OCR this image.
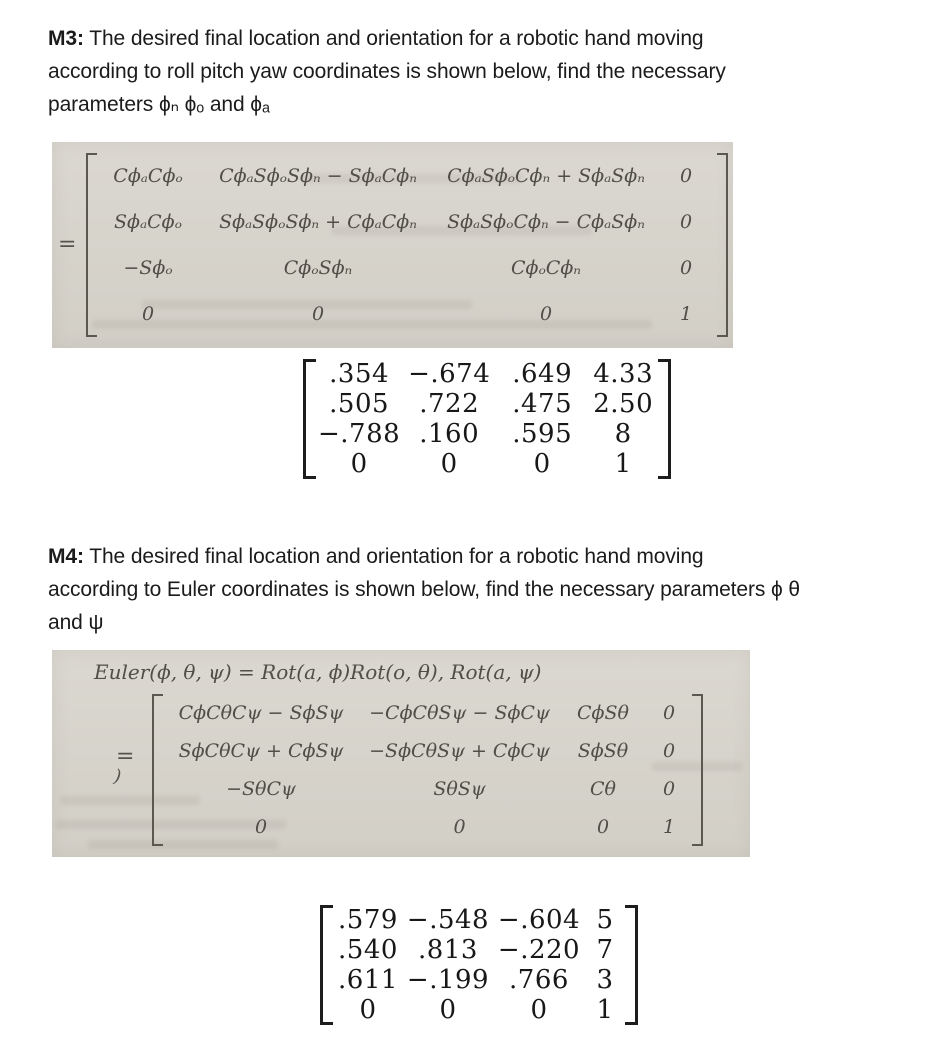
M3: The desired final location and orientation for a robotic hand moving
according to roll pitch yaw coordinates is shown below, find the necessary
parameters ϕₙ ϕₒ and ϕₐ
=
CϕₐCϕₒ	CϕₐSϕₒSϕₙ − SϕₐCϕₙ	CϕₐSϕₒCϕₙ + SϕₐSϕₙ	0
SϕₐCϕₒ	SϕₐSϕₒSϕₙ + CϕₐCϕₙ	SϕₐSϕₒCϕₙ − CϕₐSϕₙ	0
−Sϕₒ	CϕₒSϕₙ	CϕₒCϕₙ	0
0	0	0	1
.354	−.674	.649	4.33
.505	.722	.475	2.50
−.788	.160	.595	8
0	0	0	1
M4: The desired final location and orientation for a robotic hand moving
according to Euler coordinates is shown below, find the necessary parameters ϕ θ
and ψ
Euler(ϕ, θ, ψ) = Rot(a, ϕ)Rot(o, θ), Rot(a, ψ)
=
)
CϕCθCψ − SϕSψ	−CϕCθSψ − SϕCψ	CϕSθ	0
SϕCθCψ + CϕSψ	−SϕCθSψ + CϕCψ	SϕSθ	0
−SθCψ	SθSψ	Cθ	0
0	0	0	1
.579	−.548	−.604	5
.540	.813	−.220	7
.611	−.199	.766	3
0	0	0	1
